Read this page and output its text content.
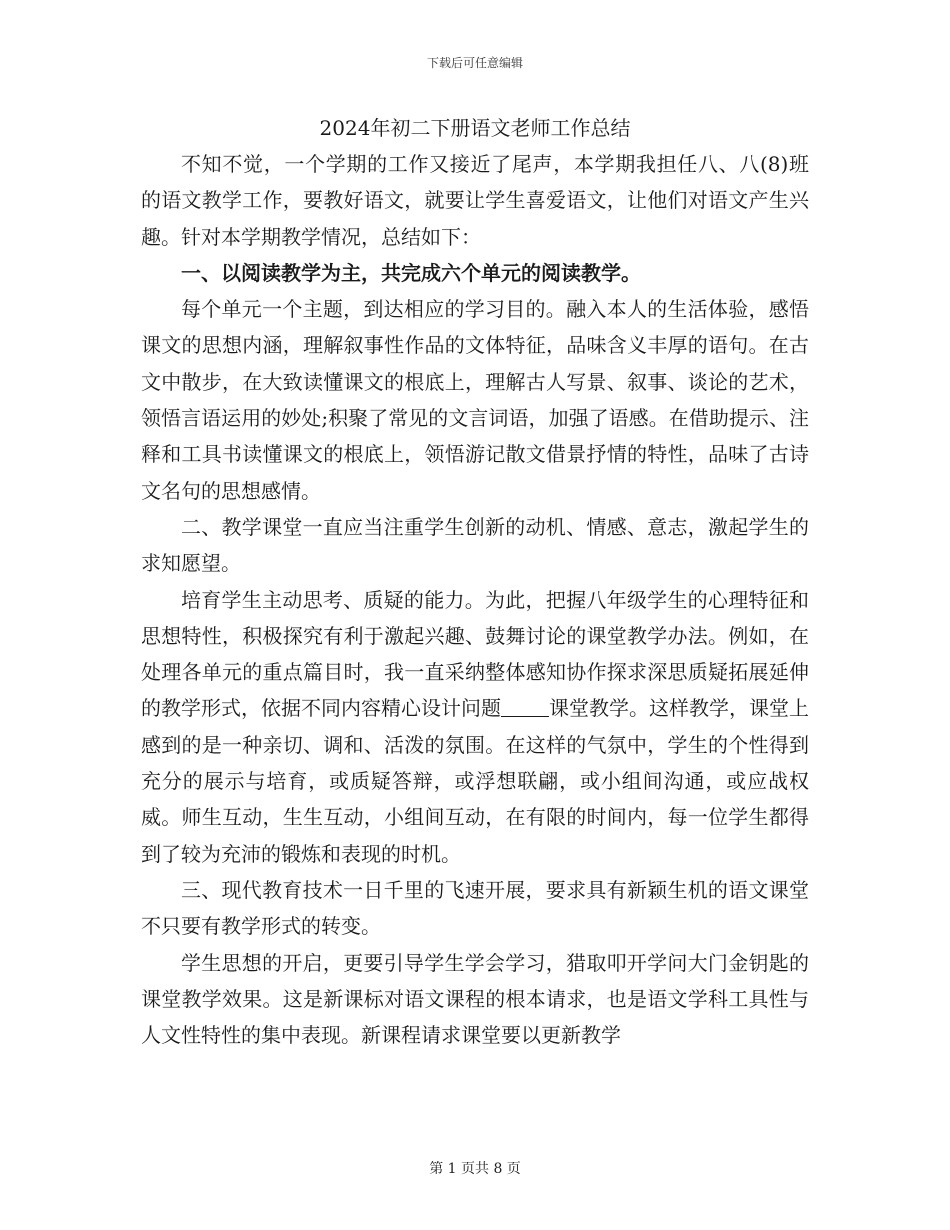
下载后可任意编辑
2024年初二下册语文老师工作总结

不知不觉，一个学期的工作又接近了尾声，本学期我担任八、八(8)班的语文教学工作，要教好语文，就要让学生喜爱语文，让他们对语文产生兴趣。针对本学期教学情况，总结如下：

一、以阅读教学为主，共完成六个单元的阅读教学。

每个单元一个主题，到达相应的学习目的。融入本人的生活体验，感悟课文的思想内涵，理解叙事性作品的文体特征，品味含义丰厚的语句。在古文中散步，在大致读懂课文的根底上，理解古人写景、叙事、谈论的艺术，领悟言语运用的妙处;积聚了常见的文言词语，加强了语感。在借助提示、注释和工具书读懂课文的根底上，领悟游记散文借景抒情的特性，品味了古诗文名句的思想感情。

二、教学课堂一直应当注重学生创新的动机、情感、意志，激起学生的求知愿望。

培育学生主动思考、质疑的能力。为此，把握八年级学生的心理特征和思想特性，积极探究有利于激起兴趣、鼓舞讨论的课堂教学办法。例如，在处理各单元的重点篇目时，我一直采纳整体感知协作探求深思质疑拓展延伸的教学形式，依据不同内容精心设计问题 课堂教学。这样教学，课堂上感到的是一种亲切、调和、活泼的氛围。在这样的气氛中，学生的个性得到充分的展示与培育，或质疑答辩，或浮想联翩，或小组间沟通，或应战权威。师生互动，生生互动，小组间互动，在有限的时间内，每一位学生都得到了较为充沛的锻炼和表现的时机。

三、现代教育技术一日千里的飞速开展，要求具有新颖生机的语文课堂不只要有教学形式的转变。

学生思想的开启，更要引导学生学会学习，猎取叩开学问大门金钥匙的课堂教学效果。这是新课标对语文课程的根本请求，也是语文学科工具性与人文性特性的集中表现。新课程请求课堂要以更新教学

第 1 页共 8 页
